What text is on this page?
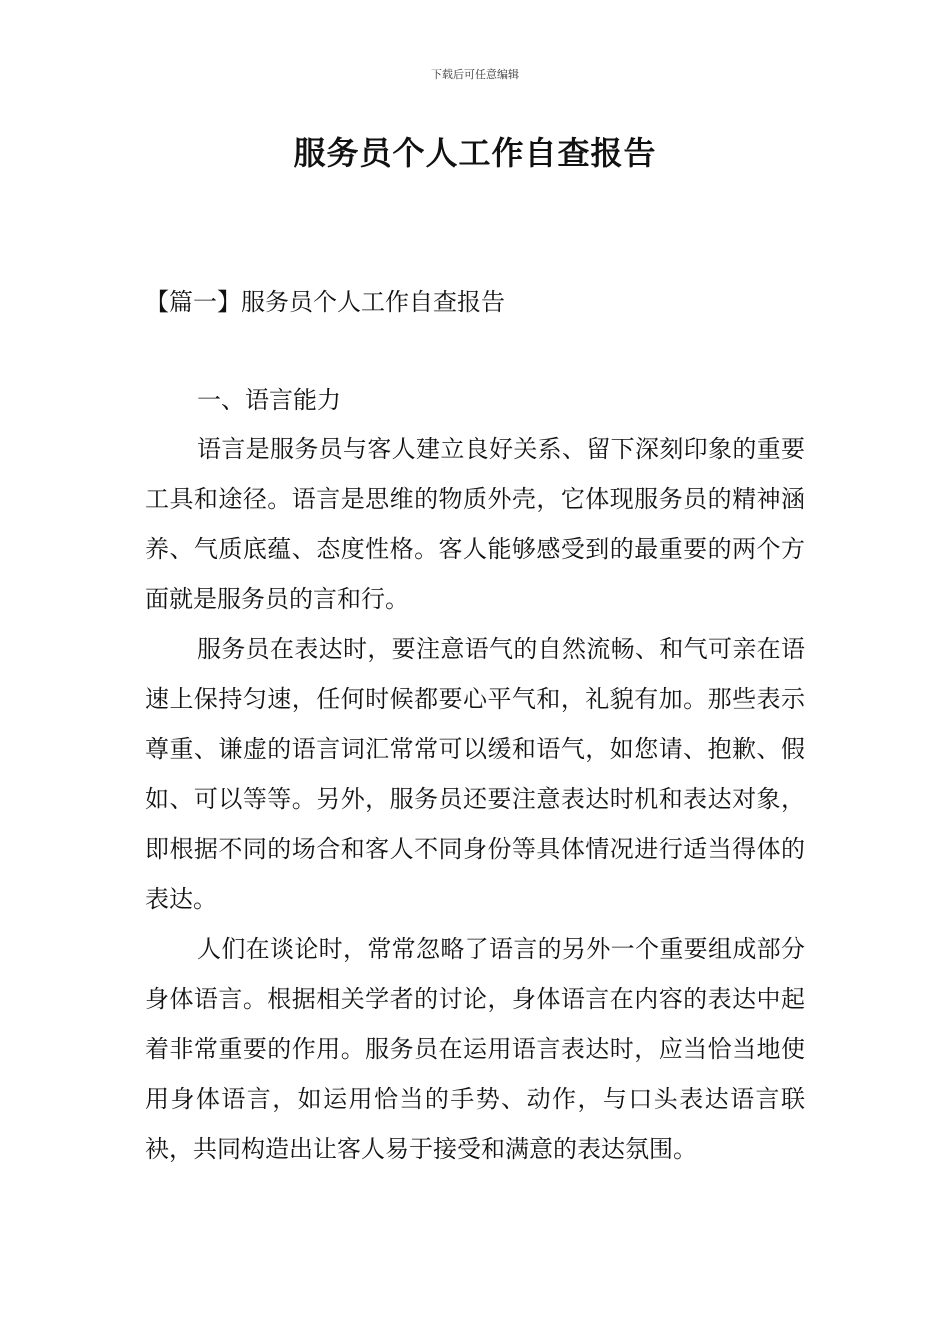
下载后可任意编辑
服务员个人工作自查报告
【篇一】服务员个人工作自查报告
一、语言能力

语言是服务员与客人建立良好关系、留下深刻印象的重要工具和途径。语言是思维的物质外壳，它体现服务员的精神涵养、气质底蕴、态度性格。客人能够感受到的最重要的两个方面就是服务员的言和行。

服务员在表达时，要注意语气的自然流畅、和气可亲在语速上保持匀速，任何时候都要心平气和，礼貌有加。那些表示尊重、谦虚的语言词汇常常可以缓和语气，如您请、抱歉、假如、可以等等。另外，服务员还要注意表达时机和表达对象，即根据不同的场合和客人不同身份等具体情况进行适当得体的表达。

人们在谈论时，常常忽略了语言的另外一个重要组成部分身体语言。根据相关学者的讨论，身体语言在内容的表达中起着非常重要的作用。服务员在运用语言表达时，应当恰当地使用身体语言，如运用恰当的手势、动作，与口头表达语言联袂，共同构造出让客人易于接受和满意的表达氛围。
